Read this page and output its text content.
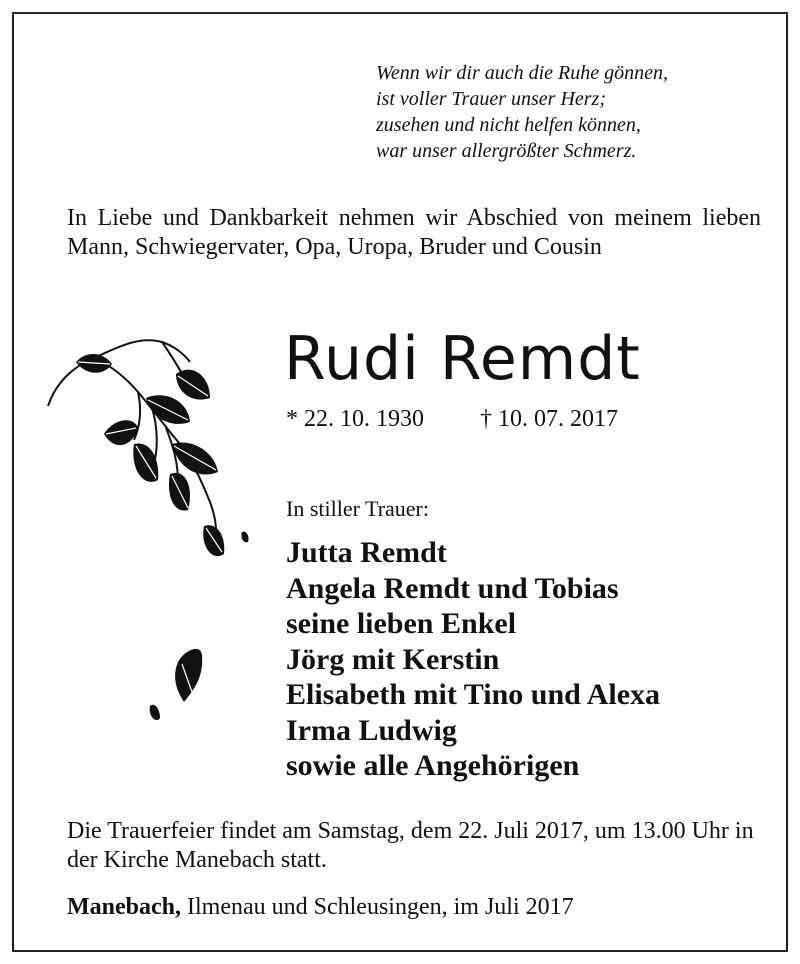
Wenn wir dir auch die Ruhe gönnen,
ist voller Trauer unser Herz;
zusehen und nicht helfen können,
war unser allergrößter Schmerz.
In Liebe und Dankbarkeit nehmen wir Abschied von meinem lieben Mann, Schwiegervater, Opa, Uropa, Bruder und Cousin
Rudi Remdt
* 22. 10. 1930 † 10. 07. 2017
In stiller Trauer:
Jutta Remdt
Angela Remdt und Tobias
seine lieben Enkel
Jörg mit Kerstin
Elisabeth mit Tino und Alexa
Irma Ludwig
sowie alle Angehörigen
Die Trauerfeier findet am Samstag, dem 22. Juli 2017, um 13.00 Uhr in der Kirche Manebach statt.
Manebach, Ilmenau und Schleusingen, im Juli 2017
